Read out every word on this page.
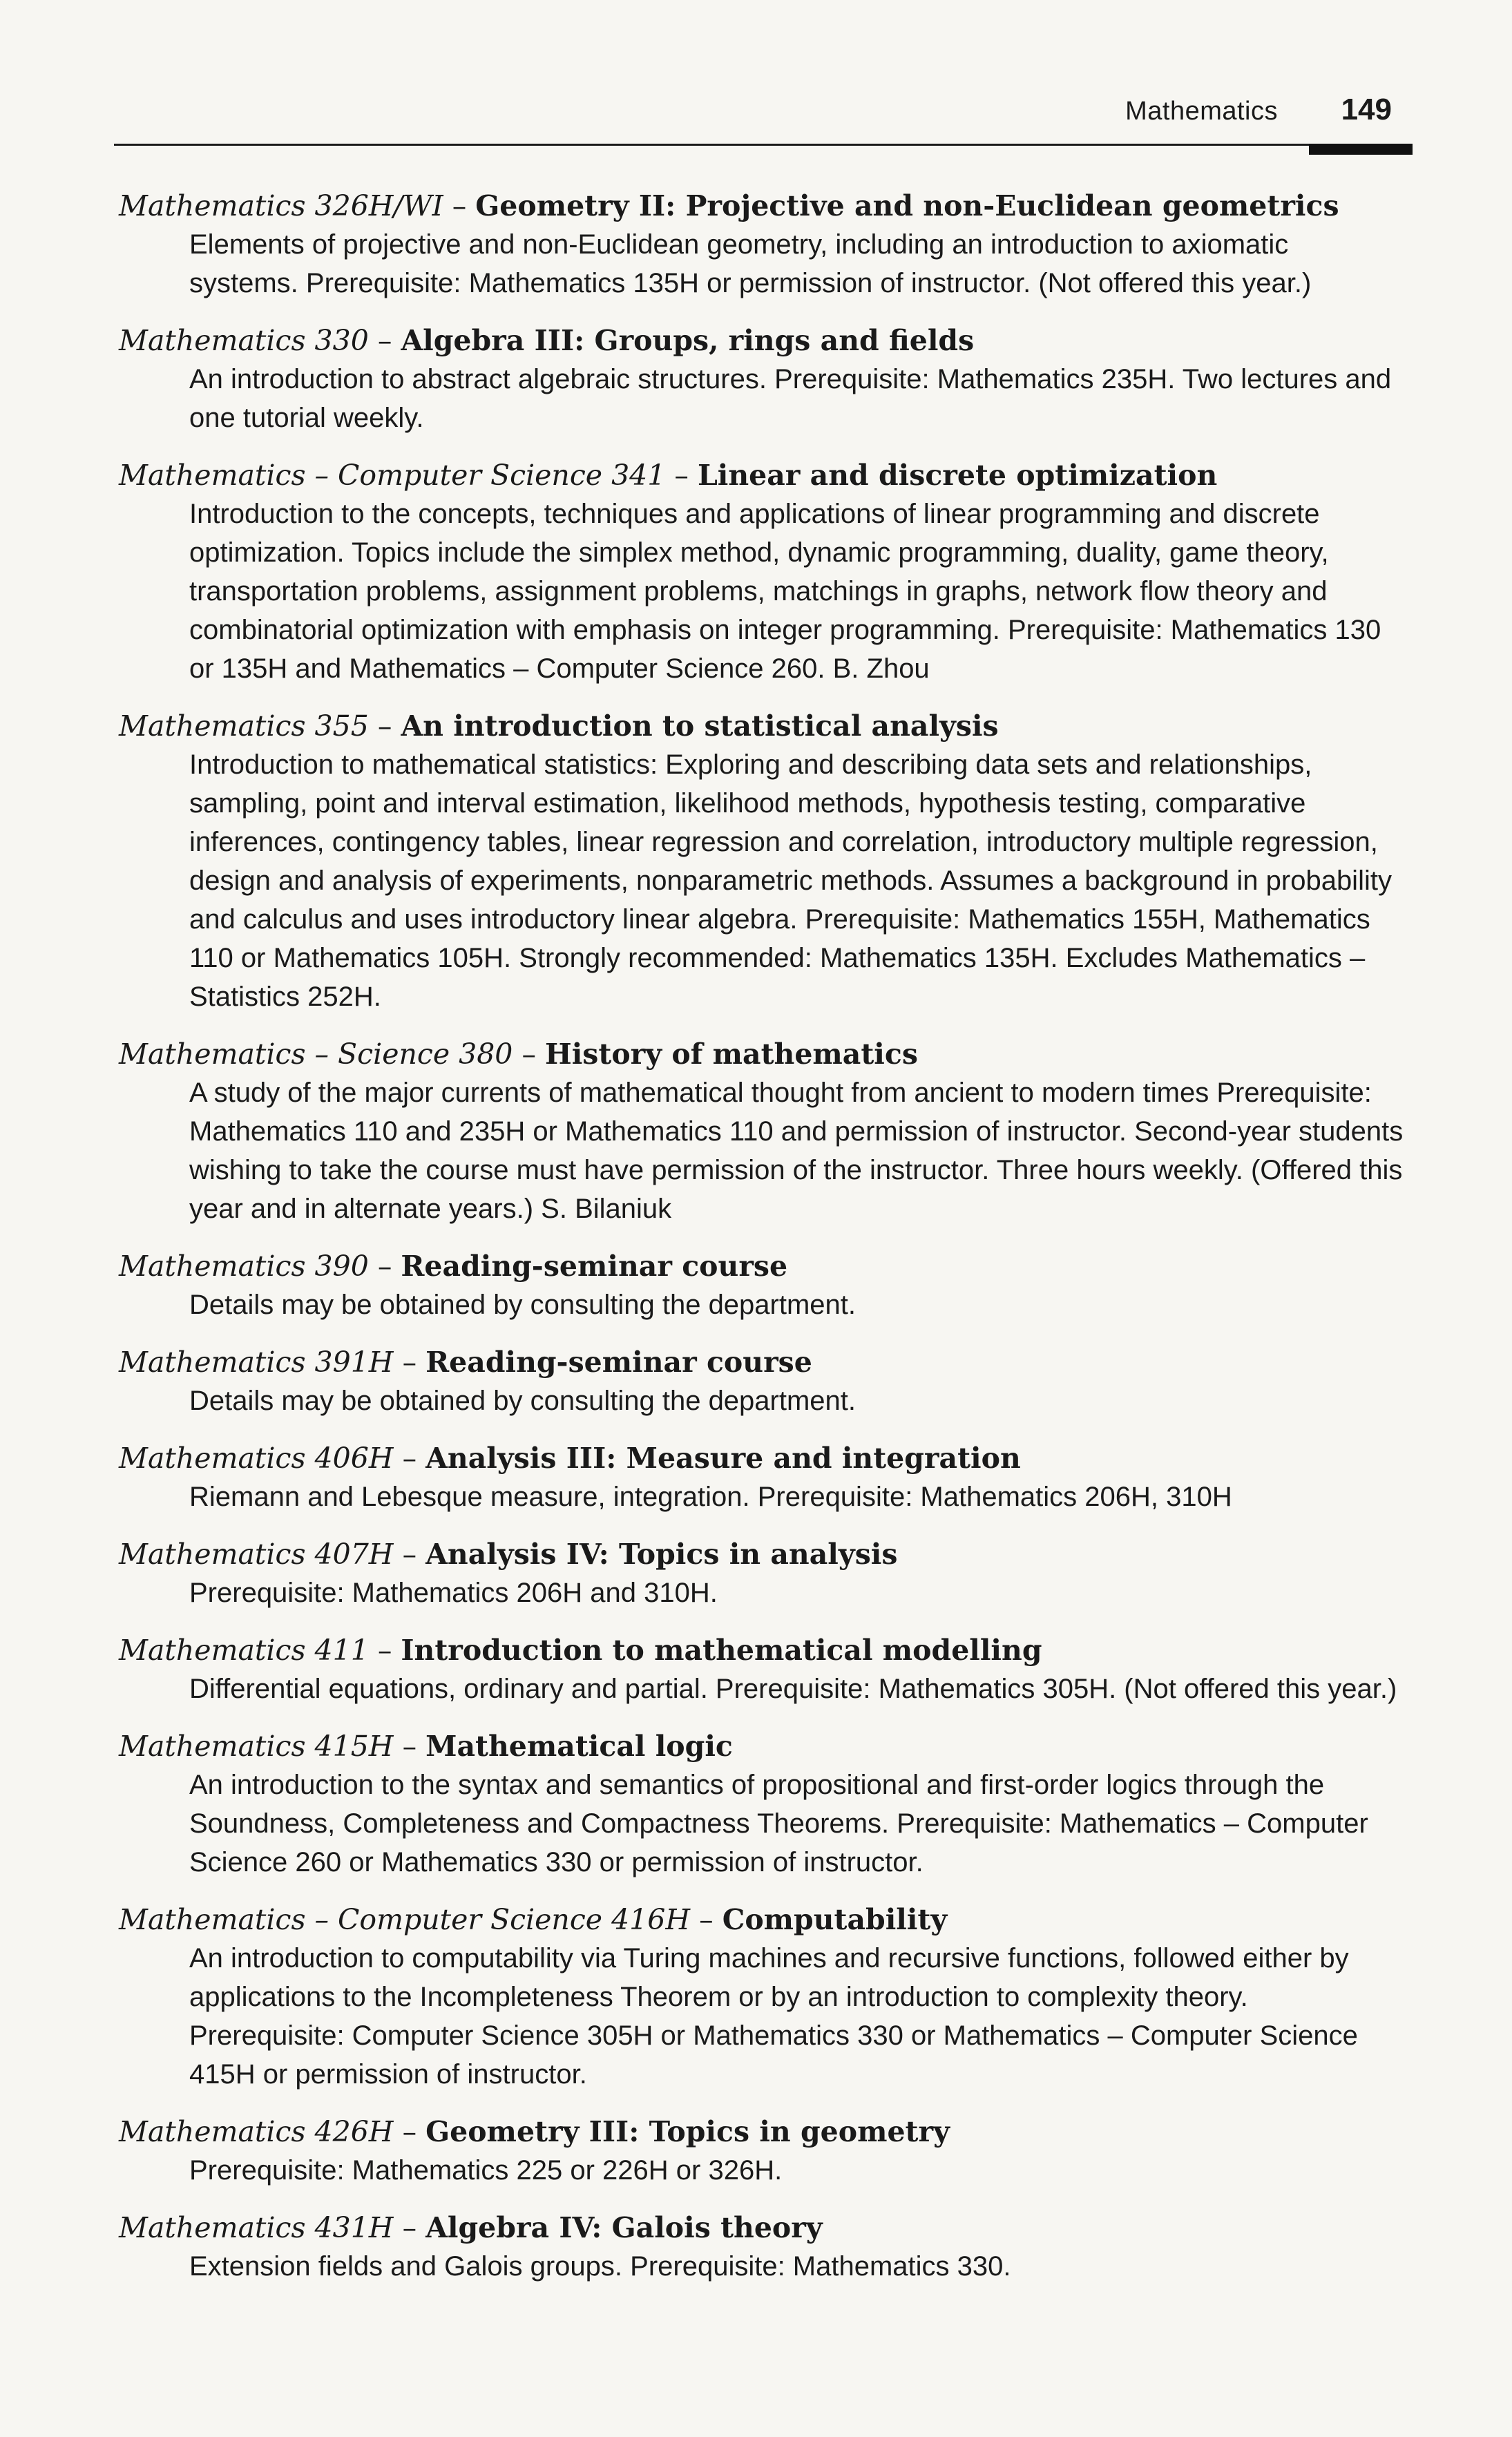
Mathematics 149

Mathematics 326H/WI – Geometry II: Projective and non-Euclidean geometrics

Elements of projective and non-Euclidean geometry, including an introduction to axiomatic systems. Prerequisite: Mathematics 135H or permission of instructor. (Not offered this year.)

Mathematics 330 – Algebra III: Groups, rings and fields

An introduction to abstract algebraic structures. Prerequisite: Mathematics 235H. Two lectures and one tutorial weekly.

Mathematics – Computer Science 341 – Linear and discrete optimization

Introduction to the concepts, techniques and applications of linear programming and discrete optimization. Topics include the simplex method, dynamic programming, duality, game theory, transportation problems, assignment problems, matchings in graphs, network flow theory and combinatorial optimization with emphasis on integer programming. Prerequisite: Mathematics 130 or 135H and Mathematics – Computer Science 260. B. Zhou

Mathematics 355 – An introduction to statistical analysis

Introduction to mathematical statistics: Exploring and describing data sets and relationships, sampling, point and interval estimation, likelihood methods, hypothesis testing, comparative inferences, contingency tables, linear regression and correlation, introductory multiple regression, design and analysis of experiments, nonparametric methods. Assumes a background in probability and calculus and uses introductory linear algebra. Prerequisite: Mathematics 155H, Mathematics 110 or Mathematics 105H. Strongly recommended: Mathematics 135H. Excludes Mathematics – Statistics 252H.

Mathematics – Science 380 – History of mathematics

A study of the major currents of mathematical thought from ancient to modern times Prerequisite: Mathematics 110 and 235H or Mathematics 110 and permission of instructor. Second-year students wishing to take the course must have permission of the instructor. Three hours weekly. (Offered this year and in alternate years.) S. Bilaniuk

Mathematics 390 – Reading-seminar course

Details may be obtained by consulting the department.

Mathematics 391H – Reading-seminar course

Details may be obtained by consulting the department.

Mathematics 406H – Analysis III: Measure and integration

Riemann and Lebesque measure, integration. Prerequisite: Mathematics 206H, 310H

Mathematics 407H – Analysis IV: Topics in analysis

Prerequisite: Mathematics 206H and 310H.

Mathematics 411 – Introduction to mathematical modelling

Differential equations, ordinary and partial. Prerequisite: Mathematics 305H. (Not offered this year.)

Mathematics 415H – Mathematical logic

An introduction to the syntax and semantics of propositional and first-order logics through the Soundness, Completeness and Compactness Theorems. Prerequisite: Mathematics – Computer Science 260 or Mathematics 330 or permission of instructor.

Mathematics – Computer Science 416H – Computability

An introduction to computability via Turing machines and recursive functions, followed either by applications to the Incompleteness Theorem or by an introduction to complexity theory. Prerequisite: Computer Science 305H or Mathematics 330 or Mathematics – Computer Science 415H or permission of instructor.

Mathematics 426H – Geometry III: Topics in geometry

Prerequisite: Mathematics 225 or 226H or 326H.

Mathematics 431H – Algebra IV: Galois theory

Extension fields and Galois groups. Prerequisite: Mathematics 330.
